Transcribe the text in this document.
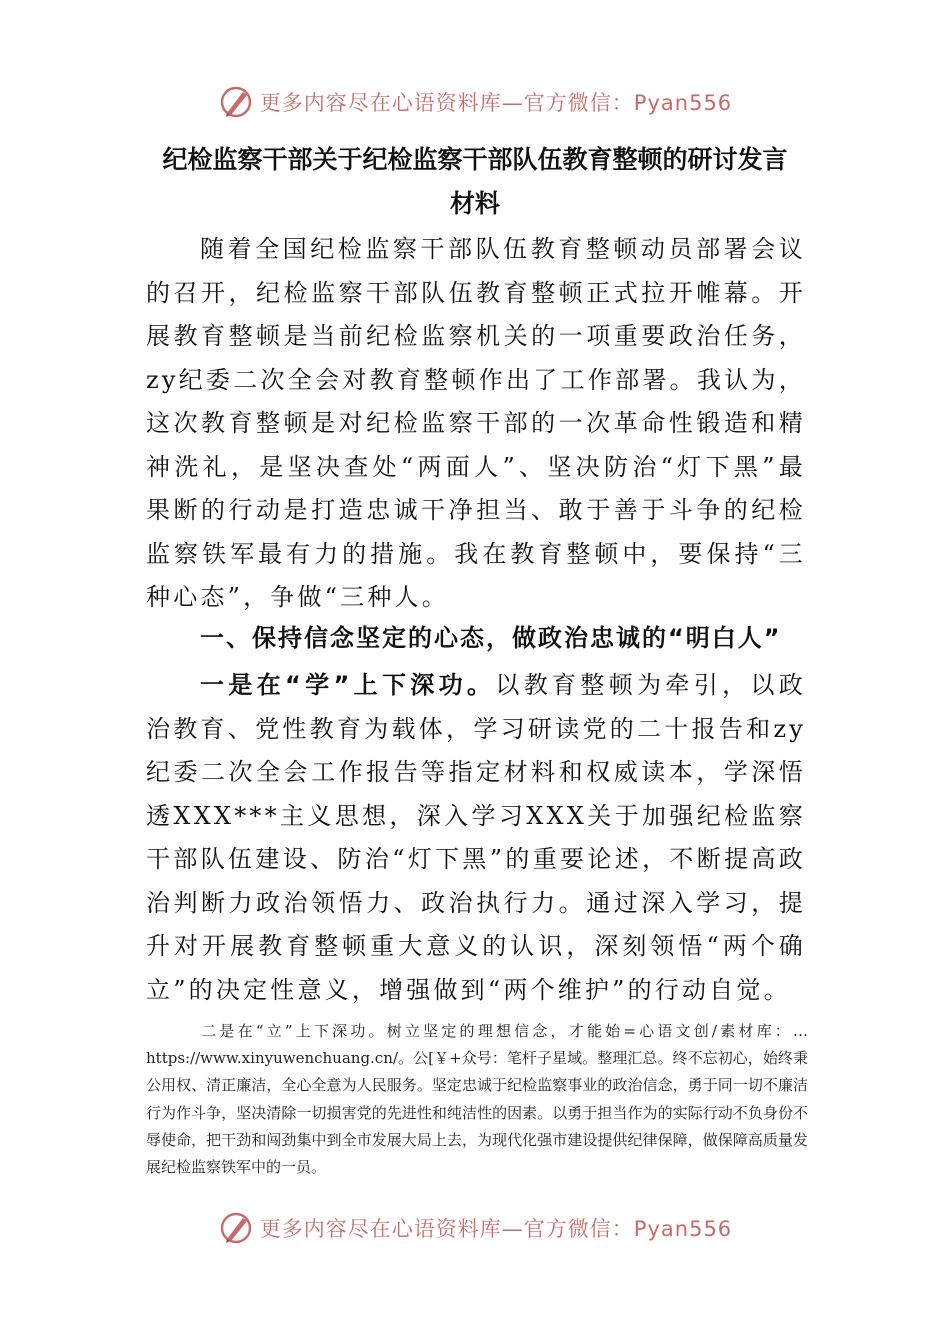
更多内容尽在心语资料库—官方微信：Pyan556
纪检监察干部关于纪检监察干部队伍教育整顿的研讨发言
材料

随着全国纪检监察干部队伍教育整顿动员部署会议的召开，纪检监察干部队伍教育整顿正式拉开帷幕。开展教育整顿是当前纪检监察机关的一项重要政治任务，zy纪委二次全会对教育整顿作出了工作部署。我认为，这次教育整顿是对纪检监察干部的一次革命性锻造和精神洗礼，是坚决查处“两面人”、坚决防治“灯下黑”最果断的行动是打造忠诚干净担当、敢于善于斗争的纪检监察铁军最有力的措施。我在教育整顿中，要保持“三种心态”，争做“三种人。

一、保持信念坚定的心态，做政治忠诚的“明白人”

一是在“学”上下深功。以教育整顿为牵引，以政治教育、党性教育为载体，学习研读党的二十报告和zy纪委二次全会工作报告等指定材料和权威读本，学深悟透XXX***主义思想，深入学习XXX关于加强纪检监察干部队伍建设、防治“灯下黑”的重要论述，不断提高政治判断力政治领悟力、政治执行力。通过深入学习，提升对开展教育整顿重大意义的认识，深刻领悟“两个确立”的决定性意义，增强做到“两个维护”的行动自觉。

二是在“立”上下深功。树立坚定的理想信念，才能始=心语文创/素材库：…https://www.xinyuwenchuang.cn/。公[￥+众号：笔杆子星域。整理汇总。终不忘初心，始终秉公用权、清正廉洁，全心全意为人民服务。坚定忠诚于纪检监察事业的政治信念，勇于同一切不廉洁行为作斗争，坚决清除一切损害党的先进性和纯洁性的因素。以勇于担当作为的实际行动不负身份不辱使命，把干劲和闯劲集中到全市发展大局上去，为现代化强市建设提供纪律保障，做保障高质量发展纪检监察铁军中的一员。

更多内容尽在心语资料库—官方微信：Pyan556
